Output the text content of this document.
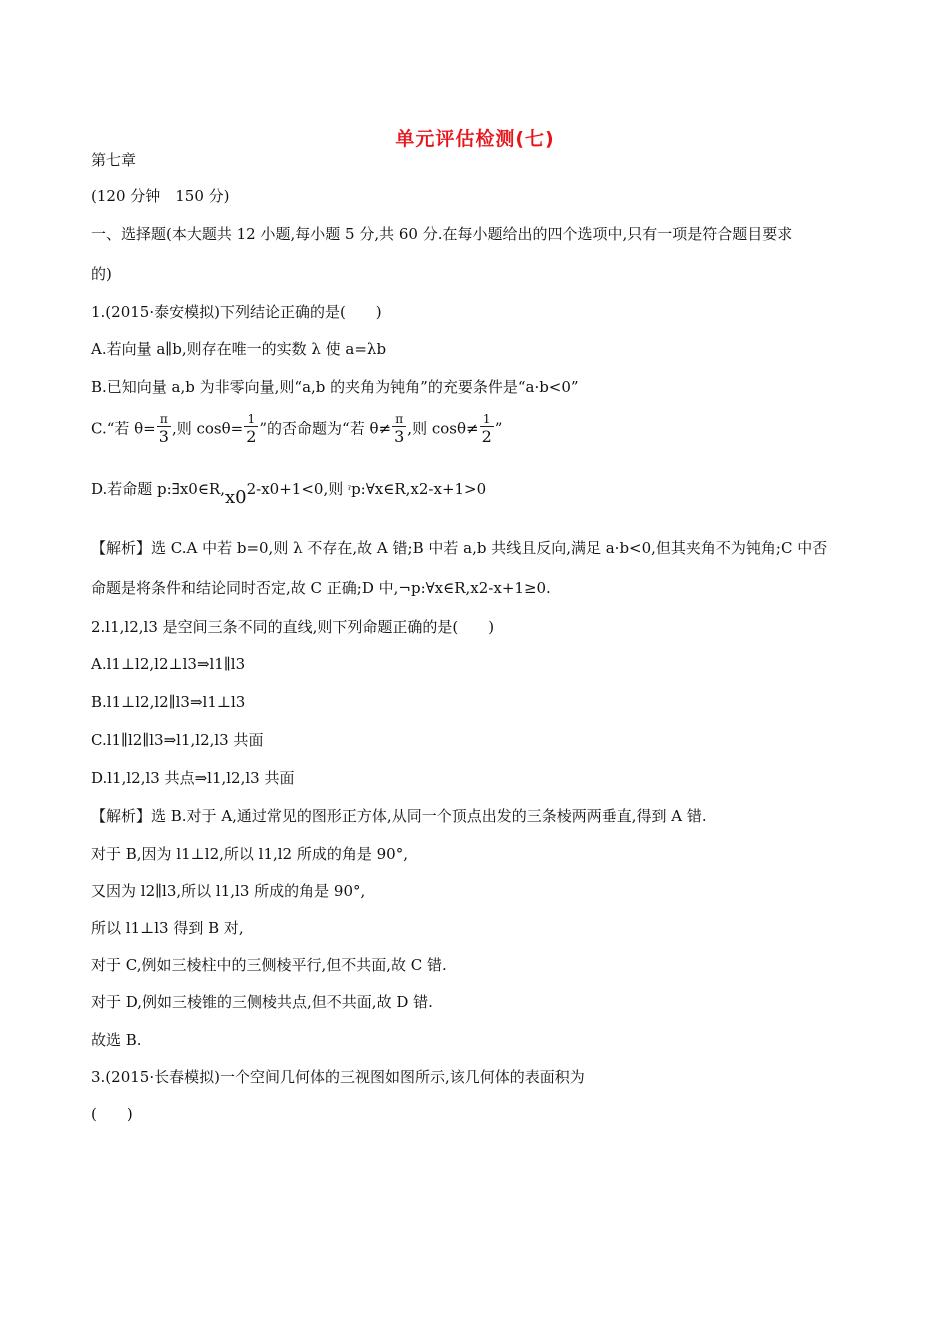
单元评估检测(七)
第七章
(120 分钟　150 分)
一、选择题(本大题共 12 小题,每小题 5 分,共 60 分.在每小题给出的四个选项中,只有一项是符合题目要求
的)
1.(2015·泰安模拟)下列结论正确的是(　　)
A.若向量 a∥b,则存在唯一的实数 λ 使 a=λb
B.已知向量 a,b 为非零向量,则“a,b 的夹角为钝角”的充要条件是“a·b<0”
C.“若 $\theta= \frac{\pi}{3}$ ,则 $\cos\theta= \frac{1}{2}$ ”的否命题为“若 $\theta\ne \frac{\pi}{3}$ ,则 $\cos\theta\ne \frac{1}{2}$ ”
D.若命题 p:∃x0∈R,x02-x0+1<0,则 ˀp:∀x∈R,x2-x+1>0
【解析】选 C.A 中若 b=0,则 λ 不存在,故 A 错;B 中若 a,b 共线且反向,满足 a·b<0,但其夹角不为钝角;C 中否
命题是将条件和结论同时否定,故 C 正确;D 中,¬p:∀x∈R,x2-x+1≥0.
2.l1,l2,l3 是空间三条不同的直线,则下列命题正确的是(　　)
A.l1⊥l2,l2⊥l3⇒l1∥l3
B.l1⊥l2,l2∥l3⇒l1⊥l3
C.l1∥l2∥l3⇒l1,l2,l3 共面
D.l1,l2,l3 共点⇒l1,l2,l3 共面
【解析】选 B.对于 A,通过常见的图形正方体,从同一个顶点出发的三条棱两两垂直,得到 A 错.
对于 B,因为 l1⊥l2,所以 l1,l2 所成的角是 90°,
又因为 l2∥l3,所以 l1,l3 所成的角是 90°,
所以 l1⊥l3 得到 B 对,
对于 C,例如三棱柱中的三侧棱平行,但不共面,故 C 错.
对于 D,例如三棱锥的三侧棱共点,但不共面,故 D 错.
故选 B.
3.(2015·长春模拟)一个空间几何体的三视图如图所示,该几何体的表面积为
(　　)
